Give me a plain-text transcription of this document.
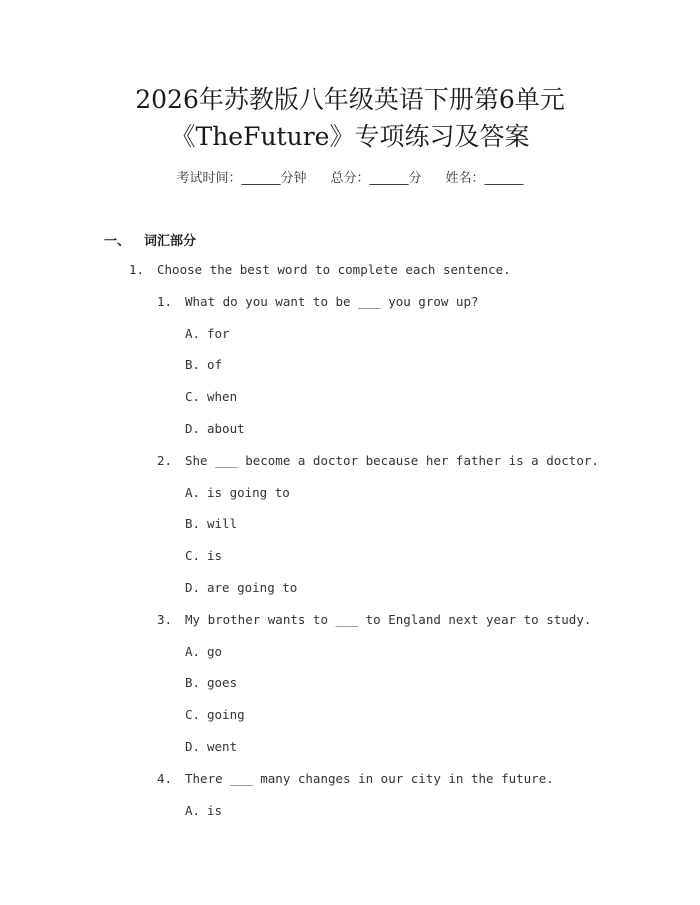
2026年苏教版八年级英语下册第6单元
《TheFuture》专项练习及答案
考试时间：______分钟 总分：______分 姓名：______
一、 词汇部分
1. Choose the best word to complete each sentence.
1. What do you want to be ___ you grow up?
A. for
B. of
C. when
D. about
2. She ___ become a doctor because her father is a doctor.
A. is going to
B. will
C. is
D. are going to
3. My brother wants to ___ to England next year to study.
A. go
B. goes
C. going
D. went
4. There ___ many changes in our city in the future.
A. is
